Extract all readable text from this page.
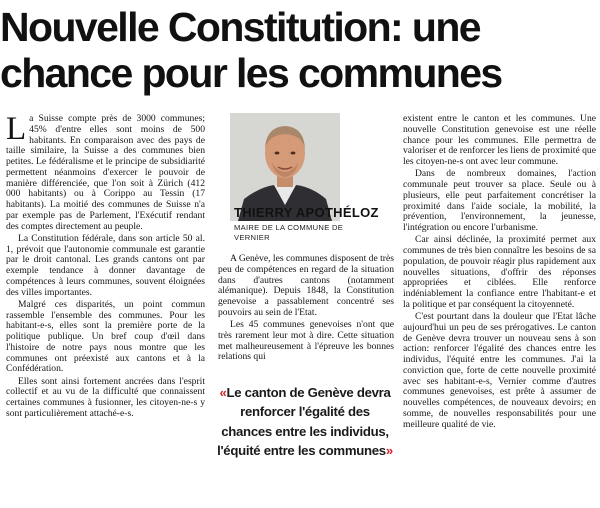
Nouvelle Constitution: une
chance pour les communes

La Suisse compte près de 3000 communes; 45% d'entre elles sont moins de 500 habitants. En comparaison avec des pays de taille similaire, la Suisse a des communes bien petites. Le fédéralisme et le principe de subsidiarité permettent néanmoins d'exercer le pouvoir de manière différenciée, que l'on soit à Zürich (412 000 habitants) ou à Corippo au Tessin (17 habitants). La moitié des communes de Suisse n'a par exemple pas de Parlement, l'Exécutif rendant des comptes directement au peuple.

La Constitution fédérale, dans son article 50 al. 1, prévoit que l'autonomie communale est garantie par le droit cantonal. Les grands cantons ont par exemple tendance à donner davantage de compétences à leurs communes, souvent éloignées des villes importantes.

Malgré ces disparités, un point commun rassemble l'ensemble des communes. Pour les habitant-e-s, elles sont la première porte de la politique publique. Un bref coup d'œil dans l'histoire de notre pays nous montre que les communes ont préexisté aux cantons et à la Confédération.

Elles sont ainsi fortement ancrées dans l'esprit collectif et au vu de la difficulté que connaissent certaines communes à fusionner, les citoyen-ne-s y sont particulièrement attaché-e-s.

THIERRY APOTHÉLOZ
MAIRE DE LA COMMUNE DE VERNIER

A Genève, les communes disposent de très peu de compétences en regard de la situation dans d'autres cantons (notamment alémanique). Depuis 1848, la Constitution genevoise a passablement concentré ses pouvoirs au sein de l'Etat.

Les 45 communes genevoises n'ont que très rarement leur mot à dire. Cette situation met malheureusement à l'épreuve les bonnes relations qui

«Le canton de Genève devra renforcer l'égalité des chances entre les individus, l'équité entre les communes»

existent entre le canton et les communes. Une nouvelle Constitution genevoise est une réelle chance pour les communes. Elle permettra de valoriser et de renforcer les liens de proximité que les citoyen-ne-s ont avec leur commune.

Dans de nombreux domaines, l'action communale peut trouver sa place. Seule ou à plusieurs, elle peut parfaitement concrétiser la proximité dans l'aide sociale, la mobilité, la prévention, l'environnement, la jeunesse, l'intégration ou encore l'urbanisme.

Car ainsi déclinée, la proximité permet aux communes de très bien connaître les besoins de sa population, de pouvoir réagir plus rapidement aux nouvelles situations, d'offrir des réponses appropriées et ciblées. Elle renforce indéniablement la confiance entre l'habitant-e et la politique et par conséquent la citoyenneté.

C'est pourtant dans la douleur que l'Etat lâche aujourd'hui un peu de ses prérogatives. Le canton de Genève devra trouver un nouveau sens à son action: renforcer l'égalité des chances entre les individus, l'équité entre les communes. J'ai la conviction que, forte de cette nouvelle proximité avec ses habitant-e-s, Vernier comme d'autres communes genevoises, est prête à assumer de nouvelles compétences, de nouveaux devoirs; en somme, de nouvelles responsabilités pour une meilleure qualité de vie.
